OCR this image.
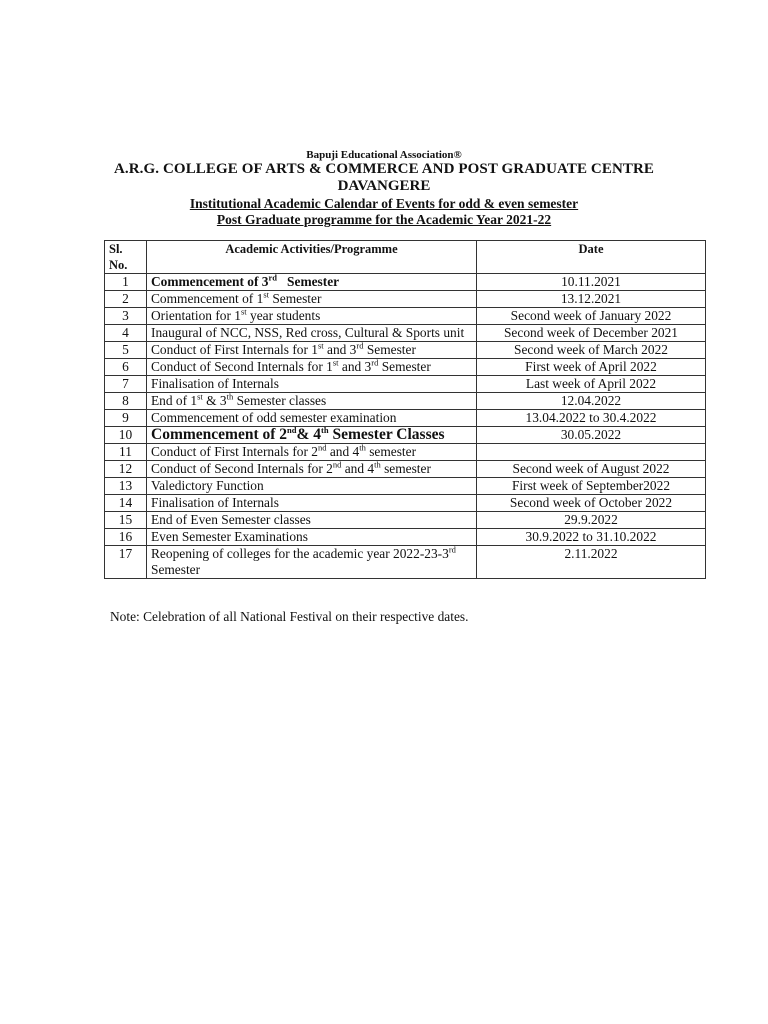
Bapuji Educational Association®
A.R.G. COLLEGE OF ARTS & COMMERCE AND POST GRADUATE CENTRE
DAVANGERE
Institutional Academic Calendar of Events for odd & even semester
Post Graduate programme for the Academic Year 2021-22
Sl.
No.	Academic Activities/Programme	Date
1	Commencement of 3rd   Semester	10.11.2021
2	Commencement of 1st Semester	13.12.2021
3	Orientation for 1st year students	Second week of January 2022
4	Inaugural of NCC, NSS, Red cross, Cultural & Sports unit	Second week of December 2021
5	Conduct of First Internals for 1st and 3rd Semester	Second week of March 2022
6	Conduct of Second Internals for 1st and 3rd Semester	First week of April 2022
7	Finalisation of Internals	Last week of April 2022
8	End of 1st & 3th Semester classes	12.04.2022
9	Commencement of odd semester examination	13.04.2022 to 30.4.2022
10	Commencement of 2nd& 4th Semester Classes	30.05.2022
11	Conduct of First Internals for 2nd and 4th semester	
12	Conduct of Second Internals for 2nd and 4th semester	Second week of August 2022
13	Valedictory Function	First week of September2022
14	Finalisation of Internals	Second week of October 2022
15	End of Even Semester classes	29.9.2022
16	Even Semester Examinations	30.9.2022 to 31.10.2022
17	Reopening of colleges for the academic year 2022-23-3rd Semester	2.11.2022
Note: Celebration of all National Festival on their respective dates.
